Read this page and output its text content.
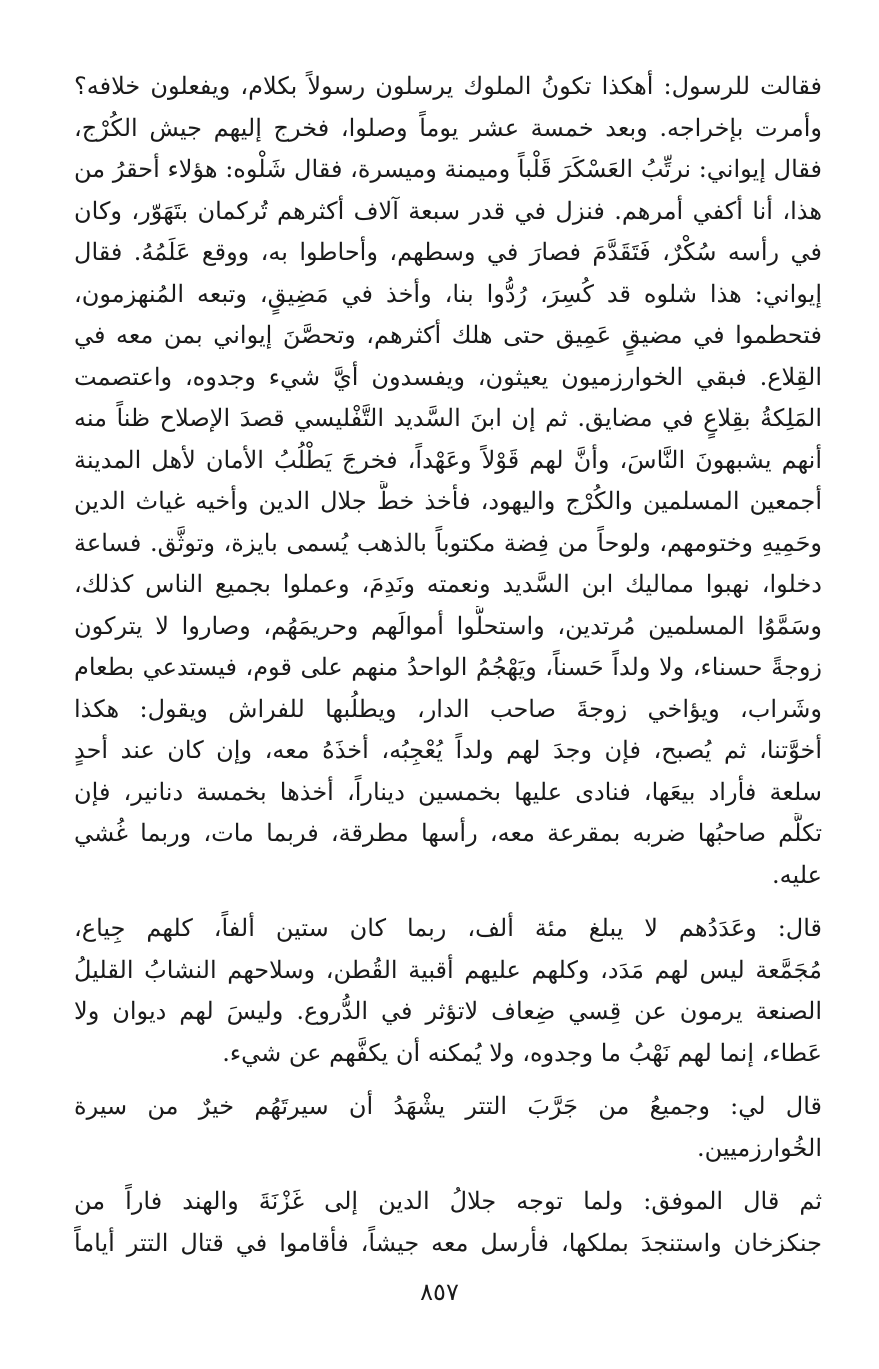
فقالت للرسول: أهكذا تكونُ الملوك يرسلون رسولاً بكلام، ويفعلون خلافه؟
وأمرت بإخراجه. وبعد خمسة عشر يوماً وصلوا، فخرج إليهم جيش الكُرْج،
فقال إيواني: نرتِّبُ العَسْكَرَ قَلْباً وميمنة وميسرة، فقال شَلْوه: هؤلاء أحقرُ من
هذا، أنا أكفي أمرهم. فنزل في قدر سبعة آلاف أكثرهم تُركمان بتَهَوّر، وكان
في رأسه سُكْرٌ، فَتَقَدَّمَ فصارَ في وسطهم، وأحاطوا به، ووقع عَلَمُهُ. فقال
إيواني: هذا شلوه قد كُسِرَ، رُدُّوا بنا، وأخذ في مَضِيقٍ، وتبعه المُنهزمون،
فتحطموا في مضيقٍ عَمِيق حتى هلك أكثرهم، وتحصَّنَ إيواني بمن معه في
القِلاع. فبقي الخوارزميون يعيثون، ويفسدون أيَّ شيء وجدوه، واعتصمت
المَلِكةُ بقِلاعٍ في مضايق. ثم إن ابنَ السَّديد التَّفْليسي قصدَ الإصلاح ظناً منه
أنهم يشبهونَ النَّاسَ، وأنَّ لهم قَوْلاً وعَهْداً، فخرجَ يَطْلُبُ الأمان لأهل المدينة
أجمعين المسلمين والكُرْج واليهود، فأخذ خطَّ جلال الدين وأخيه غياث الدين
وحَمِيهِ وختومهم، ولوحاً من فِضة مكتوباً بالذهب يُسمى بايزة، وتوثَّق. فساعة
دخلوا، نهبوا مماليك ابن السَّديد ونعمته ونَدِمَ، وعملوا بجميع الناس كذلك،
وسَمَّوُا المسلمين مُرتدين، واستحلُّوا أموالَهم وحريمَهُم، وصاروا لا يتركون
زوجةً حسناء، ولا ولداً حَسناً، ويَهْجُمُ الواحدُ منهم على قوم، فيستدعي بطعام
وشَراب، ويؤاخي زوجةَ صاحب الدار، ويطلُبها للفراش ويقول: هكذا
أخوَّتنا، ثم يُصبح، فإن وجدَ لهم ولداً يُعْجِبُه، أخذَهُ معه، وإن كان عند أحدٍ
سلعة فأراد بيعَها، فنادى عليها بخمسين ديناراً، أخذها بخمسة دنانير، فإن
تكلَّم صاحبُها ضربه بمقرعة معه، رأسها مطرقة، فربما مات، وربما غُشي
عليه.
قال: وعَدَدُهم لا يبلغ مئة ألف، ربما كان ستين ألفاً، كلهم جِياع،
مُجَمَّعة ليس لهم مَدَد، وكلهم عليهم أقبية القُطن، وسلاحهم النشابُ القليلُ
الصنعة يرمون عن قِسي ضِعاف لاتؤثر في الدُّروع. وليسَ لهم ديوان ولا
عَطاء، إنما لهم نَهْبُ ما وجدوه، ولا يُمكنه أن يكفَّهم عن شيء.
قال لي: وجميعُ من جَرَّبَ التتر يشْهَدُ أن سيرتَهُم خيرٌ من سيرة
الخُوارزميين.
ثم قال الموفق: ولما توجه جلالُ الدين إلى غَزْنَةَ والهند فاراً من
جنكزخان واستنجدَ بملكها، فأرسل معه جيشاً، فأقاموا في قتال التتر أياماً
٨٥٧
